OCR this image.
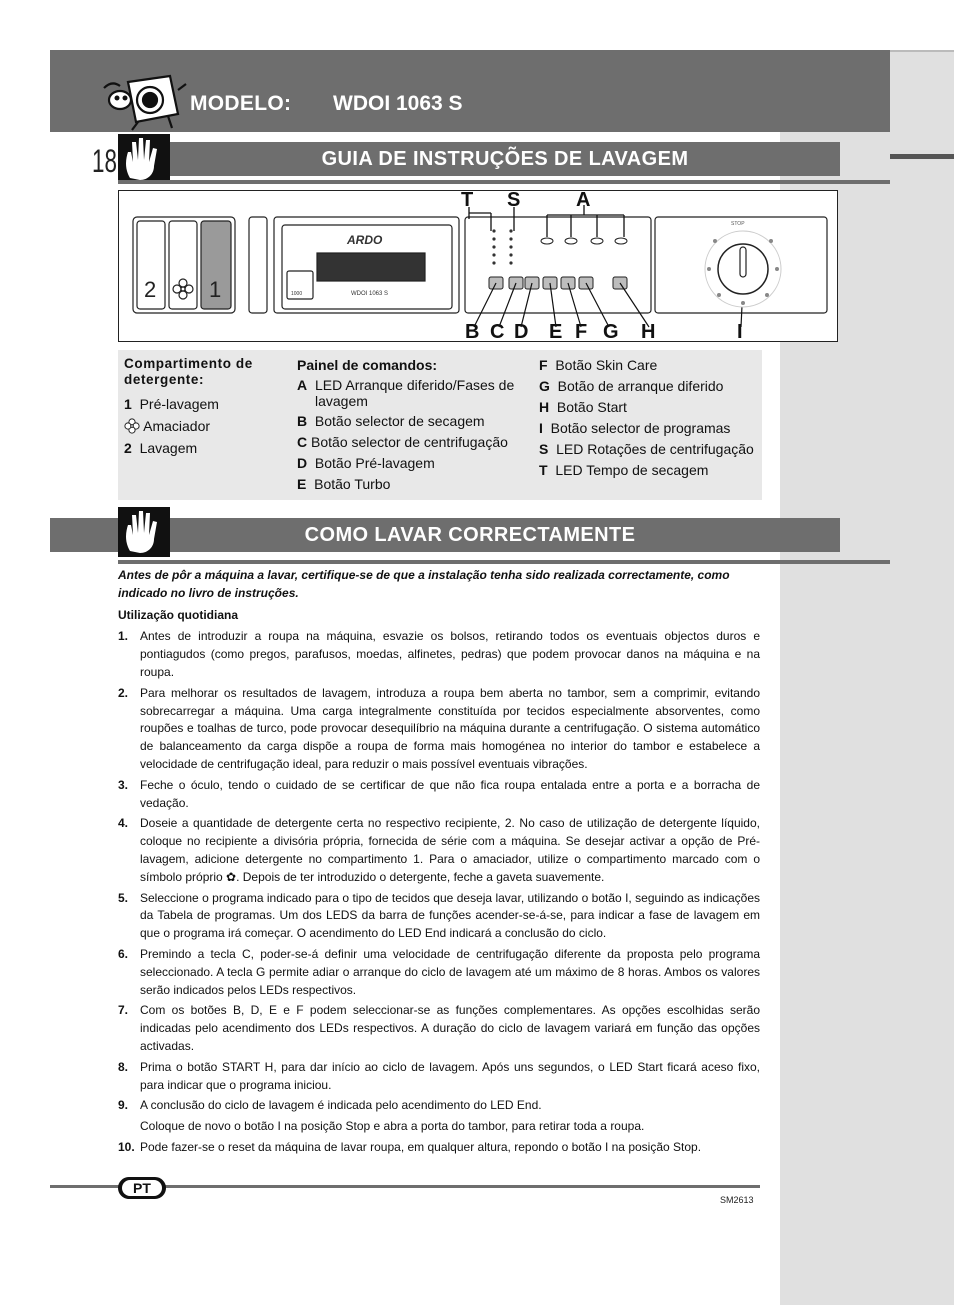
MODELO: WDOI 1063 S
GUIA DE INSTRUÇÕES DE LAVAGEM
18
2 1
ARDO
WDOI 1063 S
1000
STOP
T S	A
B C D E F G H	I
Compartimento de detergente:
1 Pré-lavagem
Amaciador
2 Lavagem
Painel de comandos:
A LED Arranque diferido/Fases de lavagem
B Botão selector de secagem
C Botão selector de centrifugação
D Botão Pré-lavagem
E Botão Turbo
F Botão Skin Care
G Botão de arranque diferido
H Botão Start
I Botão selector de programas
S LED Rotações de centrifugação
T LED Tempo de secagem
COMO LAVAR CORRECTAMENTE

Antes de pôr a máquina a lavar, certifique-se de que a instalação tenha sido realizada correctamente, como indicado no livro de instruções.

Utilização quotidiana

1. Antes de introduzir a roupa na máquina, esvazie os bolsos, retirando todos os eventuais objectos duros e pontiagudos (como pregos, parafusos, moedas, alfinetes, pedras) que podem provocar danos na máquina e na roupa.
2. Para melhorar os resultados de lavagem, introduza a roupa bem aberta no tambor, sem a comprimir, evitando sobrecarregar a máquina. Uma carga integralmente constituída por tecidos especialmente absorventes, como roupões e toalhas de turco, pode provocar desequilíbrio na máquina durante a centrifugação. O sistema automático de balanceamento da carga dispõe a roupa de forma mais homogénea no interior do tambor e estabelece a velocidade de centrifugação ideal, para reduzir o mais possível eventuais vibrações.
3. Feche o óculo, tendo o cuidado de se certificar de que não fica roupa entalada entre a porta e a borracha de vedação.
4. Doseie a quantidade de detergente certa no respectivo recipiente, 2. No caso de utilização de detergente líquido, coloque no recipiente a divisória própria, fornecida de série com a máquina. Se desejar activar a opção de Pré-lavagem, adicione detergente no compartimento 1. Para o amaciador, utilize o compartimento marcado com o símbolo próprio ✿. Depois de ter introduzido o detergente, feche a gaveta suavemente.
5. Seleccione o programa indicado para o tipo de tecidos que deseja lavar, utilizando o botão I, seguindo as indicações da Tabela de programas. Um dos LEDS da barra de funções acender-se-á-se, para indicar a fase de lavagem em que o programa irá começar. O acendimento do LED End indicará a conclusão do ciclo.
6. Premindo a tecla C, poder-se-á definir uma velocidade de centrifugação diferente da proposta pelo programa seleccionado. A tecla G permite adiar o arranque do ciclo de lavagem até um máximo de 8 horas. Ambos os valores serão indicados pelos LEDs respectivos.
7. Com os botões B, D, E e F podem seleccionar-se as funções complementares. As opções escolhidas serão indicadas pelo acendimento dos LEDs respectivos. A duração do ciclo de lavagem variará em função das opções activadas.
8. Prima o botão START H, para dar início ao ciclo de lavagem. Após uns segundos, o LED Start ficará aceso fixo, para indicar que o programa iniciou.
9. A conclusão do ciclo de lavagem é indicada pelo acendimento do LED End.
Coloque de novo o botão I na posição Stop e abra a porta do tambor, para retirar toda a roupa.
10. Pode fazer-se o reset da máquina de lavar roupa, em qualquer altura, repondo o botão I na posição Stop.
PT
SM2613
